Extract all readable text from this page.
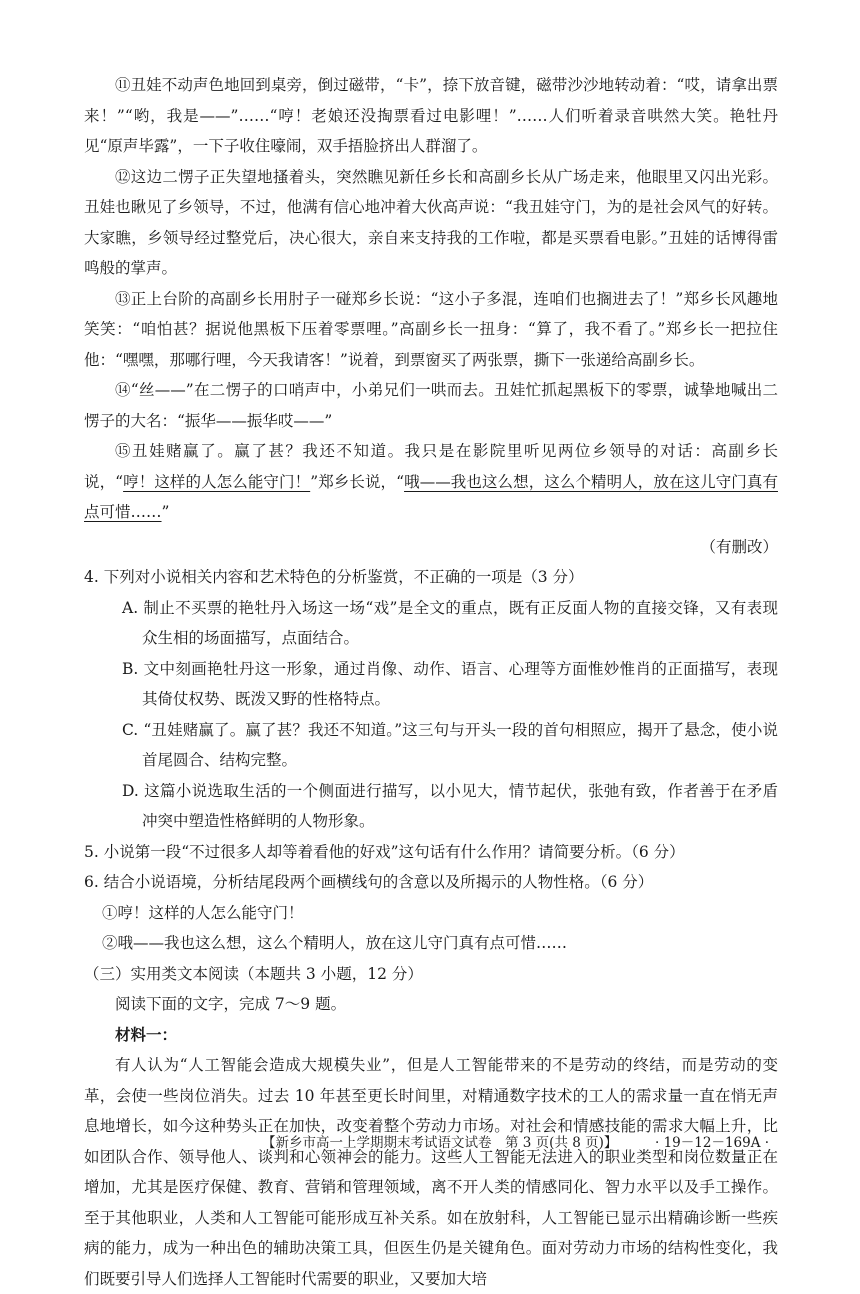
⑪丑娃不动声色地回到桌旁，倒过磁带，“卡”，捺下放音键，磁带沙沙地转动着：“哎，请拿出票来！”“哟，我是——”……“哼！老娘还没掏票看过电影哩！”……人们听着录音哄然大笑。艳牡丹见“原声毕露”，一下子收住嚎闹，双手捂脸挤出人群溜了。

⑫这边二愣子正失望地搔着头，突然瞧见新任乡长和高副乡长从广场走来，他眼里又闪出光彩。丑娃也瞅见了乡领导，不过，他满有信心地冲着大伙高声说：“我丑娃守门，为的是社会风气的好转。大家瞧，乡领导经过整党后，决心很大，亲自来支持我的工作啦，都是买票看电影。”丑娃的话博得雷鸣般的掌声。

⑬正上台阶的高副乡长用肘子一碰郑乡长说：“这小子多混，连咱们也搁进去了！”郑乡长风趣地笑笑：“咱怕甚？据说他黑板下压着零票哩。”高副乡长一扭身：“算了，我不看了。”郑乡长一把拉住他：“嘿嘿，那哪行哩，今天我请客！”说着，到票窗买了两张票，撕下一张递给高副乡长。

⑭“丝——”在二愣子的口哨声中，小弟兄们一哄而去。丑娃忙抓起黑板下的零票，诚挚地喊出二愣子的大名：“振华——振华哎——”

⑮丑娃赌赢了。赢了甚？我还不知道。我只是在影院里听见两位乡领导的对话：高副乡长说，“哼！这样的人怎么能守门！”郑乡长说，“哦——我也这么想，这么个精明人，放在这儿守门真有点可惜……”

（有删改）

4. 下列对小说相关内容和艺术特色的分析鉴赏，不正确的一项是（3 分）

A. 制止不买票的艳牡丹入场这一场“戏”是全文的重点，既有正反面人物的直接交锋，又有表现众生相的场面描写，点面结合。

B. 文中刻画艳牡丹这一形象，通过肖像、动作、语言、心理等方面惟妙惟肖的正面描写，表现其倚仗权势、既泼又野的性格特点。

C. “丑娃赌赢了。赢了甚？我还不知道。”这三句与开头一段的首句相照应，揭开了悬念，使小说首尾圆合、结构完整。

D. 这篇小说选取生活的一个侧面进行描写，以小见大，情节起伏，张弛有致，作者善于在矛盾冲突中塑造性格鲜明的人物形象。

5. 小说第一段“不过很多人却等着看他的好戏”这句话有什么作用？请简要分析。（6 分）

6. 结合小说语境，分析结尾段两个画横线句的含意以及所揭示的人物性格。（6 分）

①哼！这样的人怎么能守门！

②哦——我也这么想，这么个精明人，放在这儿守门真有点可惜……

（三）实用类文本阅读（本题共 3 小题，12 分）

阅读下面的文字，完成 7～9 题。

材料一：

有人认为“人工智能会造成大规模失业”，但是人工智能带来的不是劳动的终结，而是劳动的变革，会使一些岗位消失。过去 10 年甚至更长时间里，对精通数字技术的工人的需求量一直在悄无声息地增长，如今这种势头正在加快，改变着整个劳动力市场。对社会和情感技能的需求大幅上升，比如团队合作、领导他人、谈判和心领神会的能力。这些人工智能无法进入的职业类型和岗位数量正在增加，尤其是医疗保健、教育、营销和管理领域，离不开人类的情感同化、智力水平以及手工操作。至于其他职业，人类和人工智能可能形成互补关系。如在放射科，人工智能已显示出精确诊断一些疾病的能力，成为一种出色的辅助决策工具，但医生仍是关键角色。面对劳动力市场的结构性变化，我们既要引导人们选择人工智能时代需要的职业，又要加大培

【新乡市高一上学期期末考试语文试卷　第 3 页(共 8 页)】	· 19－12－169A ·
